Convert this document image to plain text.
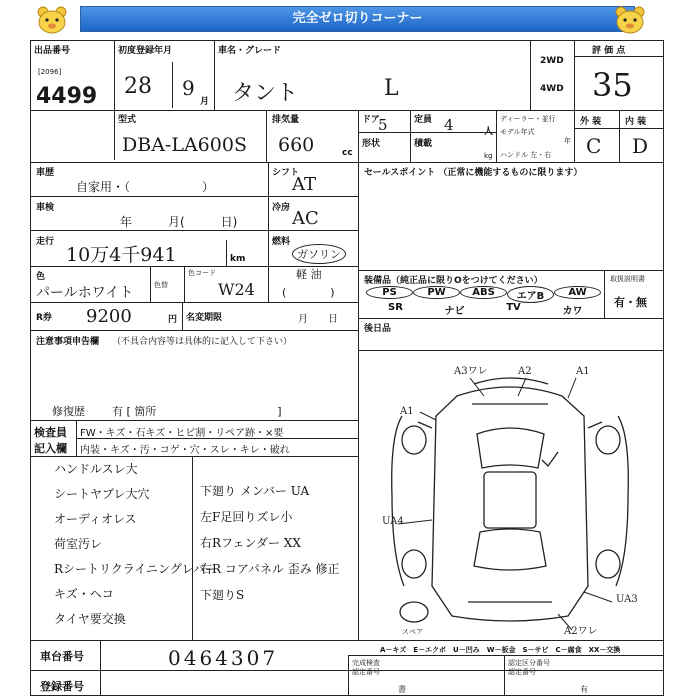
完全ゼロ切りコーナー
出品番号
[2096]
4499
初度登録年月
28 9
月
車名・グレード
タント	L
2WD
4WD
評 価 点
35
型式
DBA-LA600S
排気量
660	cc
ドア
5	定員 4	人
形状	積載
kg
ディーラー・並行
モデル年式
年
ハンドル 左・右
外 装	内 装
C D
車歴
自家用・（　　　　　　）
シフト
AT
車検
年　　　月(　　　日)
冷房 AC
走行
10万4千941	km
燃料
ガソリン
軽 油
(　　　　)
色
パールホワイト	色替
色コード
W24
R券 9200	円 名変期限	月　　日
セールスポイント （正常に機能するものに限ります）
装備品（純正品に限りOをつけてください）	取扱説明書
有・無
PS	PW	ABS	エアB	AW
SR	ナビ	TV	カワ
後日品
注意事項申告欄 （不具合内容等は具体的に記入して下さい）
修復歴 有 [ 箇所　　　　　　　　　　　]
検査員
記入欄
FW・キズ・石キズ・ヒビ割・リペア跡・×要
内装・キズ・汚・コゲ・穴・スレ・キレ・破れ
ハンドルスレ大
シートヤブレ大穴
オーディオレス
荷室汚レ
Rシートリクライニングレバー
キズ・ヘコ
タイヤ要交換
下廻り メンバー UA
左F足回りズレ小
右Rフェンダー XX
右R コアパネル 歪み 修正
下廻りS
A3ワレ	A2	A1
A1
UA4
UA3
A2ワレ
スペア
A－キズ　E－エクボ　U－凹み　W－板金　S－サビ　C－腐食　XX－交換
車台番号	0464307
登録番号
完成検査
認定番号
書
認定区分番号
認定番号
有
